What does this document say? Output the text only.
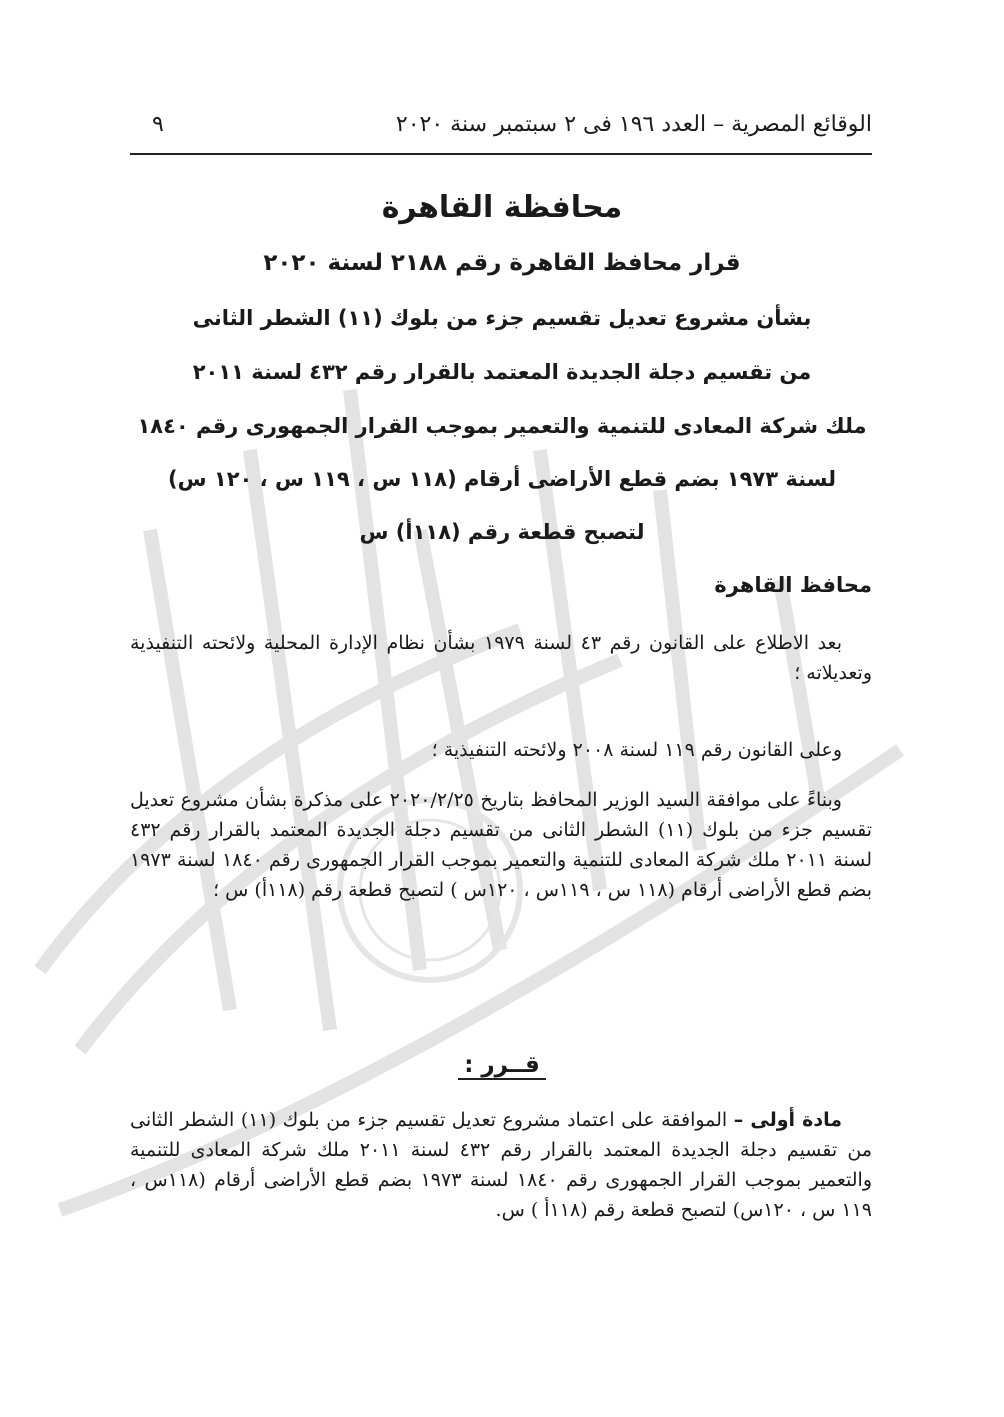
الوقائع المصرية – العدد ١٩٦ فى ٢ سبتمبر سنة ٢٠٢٠
٩
محافظة القاهرة
قرار محافظ القاهرة رقم ٢١٨٨ لسنة ٢٠٢٠
بشأن مشروع تعديل تقسيم جزء من بلوك (١١) الشطر الثانى
من تقسيم دجلة الجديدة المعتمد بالقرار رقم ٤٣٢ لسنة ٢٠١١
ملك شركة المعادى للتنمية والتعمير بموجب القرار الجمهورى رقم ١٨٤٠
لسنة ١٩٧٣ بضم قطع الأراضى أرقام (١١٨ س ، ١١٩ س ، ١٢٠ س)
لتصبح قطعة رقم (١١٨أ) س
محافظ القاهرة
بعد الاطلاع على القانون رقم ٤٣ لسنة ١٩٧٩ بشأن نظام الإدارة المحلية ولائحته التنفيذية وتعديلاته ؛
وعلى القانون رقم ١١٩ لسنة ٢٠٠٨ ولائحته التنفيذية ؛
وبناءً على موافقة السيد الوزير المحافظ بتاريخ ٢٠٢٠/٢/٢٥ على مذكرة بشأن مشروع تعديل تقسيم جزء من بلوك (١١) الشطر الثانى من تقسيم دجلة الجديدة المعتمد بالقرار رقم ٤٣٢ لسنة ٢٠١١ ملك شركة المعادى للتنمية والتعمير بموجب القرار الجمهورى رقم ١٨٤٠ لسنة ١٩٧٣ بضم قطع الأراضى أرقام (١١٨ س ، ١١٩س ، ١٢٠س ) لتصبح قطعة رقم (١١٨أ) س ؛
قــرر :
مادة أولى – الموافقة على اعتماد مشروع تعديل تقسيم جزء من بلوك (١١) الشطر الثانى من تقسيم دجلة الجديدة المعتمد بالقرار رقم ٤٣٢ لسنة ٢٠١١ ملك شركة المعادى للتنمية والتعمير بموجب القرار الجمهورى رقم ١٨٤٠ لسنة ١٩٧٣ بضم قطع الأراضى أرقام (١١٨س ، ١١٩ س ، ١٢٠س) لتصبح قطعة رقم (١١٨أ ) س.
